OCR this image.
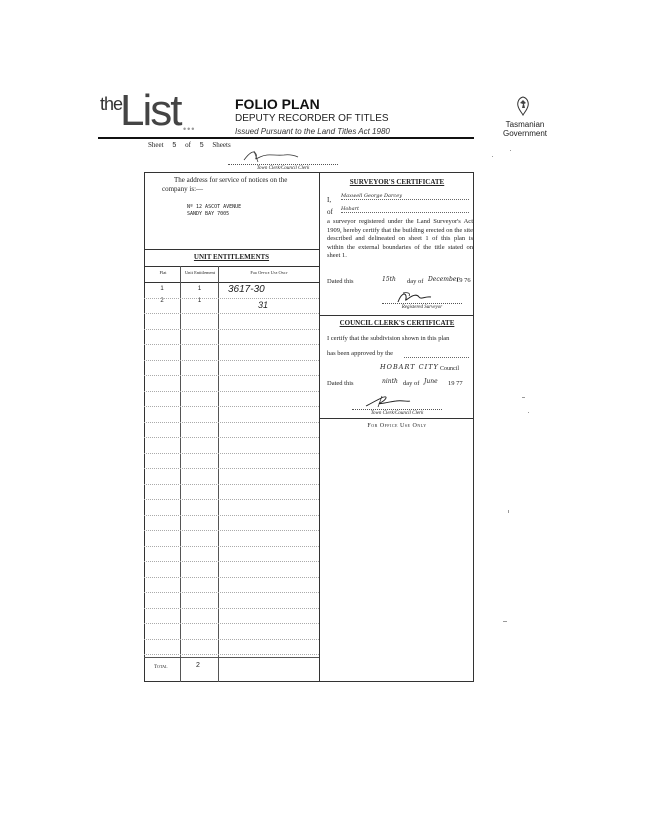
the
List •••
FOLIO PLAN
DEPUTY RECORDER OF TITLES
Issued Pursuant to the Land Titles Act 1980
Tasmanian
Government
Sheet 5 of 5 Sheets
Town Clerk/Council Clerk
The address for service of notices on the company is:—
Nº 12 ASCOT AVENUE
SANDY BAY 7005
UNIT ENTITLEMENTS
Flat	Unit Entitlement	For Office Use Only
1	1	3617-30
2	1	31
Total	2
SURVEYOR'S CERTIFICATE
I, Maxwell George Darcey
of Hobart
a surveyor registered under the Land Surveyor's Act 1909, hereby certify that the building erected on the site described and delineated on sheet 1 of this plan is within the external boundaries of the title stated on sheet 1.
Dated this	15th day of December
19 76
Registered Surveyor
COUNCIL CLERK'S CERTIFICATE
I certify that the subdivision shown in this plan
has been approved by the
HOBART CITY Council
Dated this	ninth day of June 19 77
Town Clerk/Council Clerk
For Office Use Only
